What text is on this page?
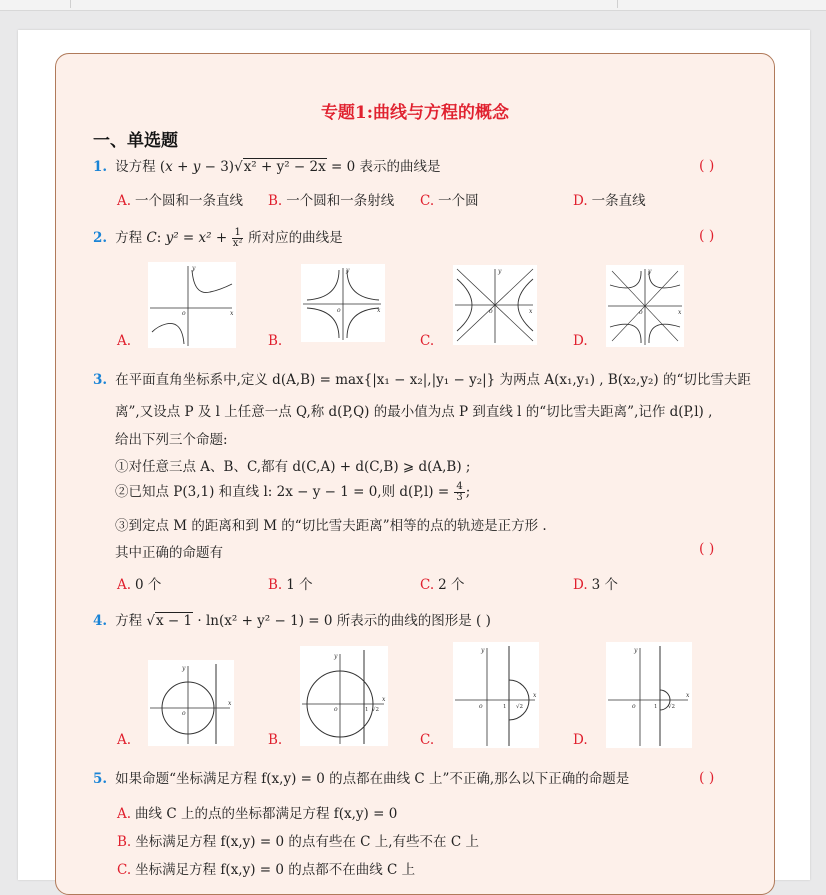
专题1:曲线与方程的概念
一、单选题
1. 设方程 (x + y − 3)√x² + y² − 2x = 0 表示的曲线是	( )
A. 一个圆和一条直线 B. 一个圆和一条射线 C. 一个圆	D. 一条直线
2. 方程 C: $y^2 = x^2 + \frac{1}{\text{x²}}$ 所对应的曲线是	( )
y
x
o
y
x
o
y
x
o
y
x
o
A.	B.	C.	D.
3. 在平面直角坐标系中,定义 d(A,B) = max{|x₁ − x₂|,|y₁ − y₂|} 为两点 A(x₁,y₁) , B(x₂,y₂) 的“切比雪夫距
离”,又设点 P 及 l 上任意一点 Q,称 d(P,Q) 的最小值为点 P 到直线 l 的“切比雪夫距离”,记作 d(P,l) ,
给出下列三个命题:
①对任意三点 A、B、C,都有 d(C,A) + d(C,B) ⩾ d(A,B) ;
②已知点 P(3,1) 和直线 l: 2x − y − 1 = 0,则 $d(P,l) = \frac{4}{3}$ ;
③到定点 M 的距离和到 M 的“切比雪夫距离”相等的点的轨迹是正方形 .
其中正确的命题有	( )
A. 0 个	B. 1 个	C. 2 个	D. 3 个
4. 方程 √x − 1 · ln(x² + y² − 1) = 0 所表示的曲线的图形是 ( )
y
x
o
y
x
o	1 √2
y
x
o	1 √2
y
x
o	1 √2
A.	B.	C.	D.
5. 如果命题“坐标满足方程 f(x,y) = 0 的点都在曲线 C 上”不正确,那么以下正确的命题是	( )
A. 曲线 C 上的点的坐标都满足方程 f(x,y) = 0
B. 坐标满足方程 f(x,y) = 0 的点有些在 C 上,有些不在 C 上
C. 坐标满足方程 f(x,y) = 0 的点都不在曲线 C 上
